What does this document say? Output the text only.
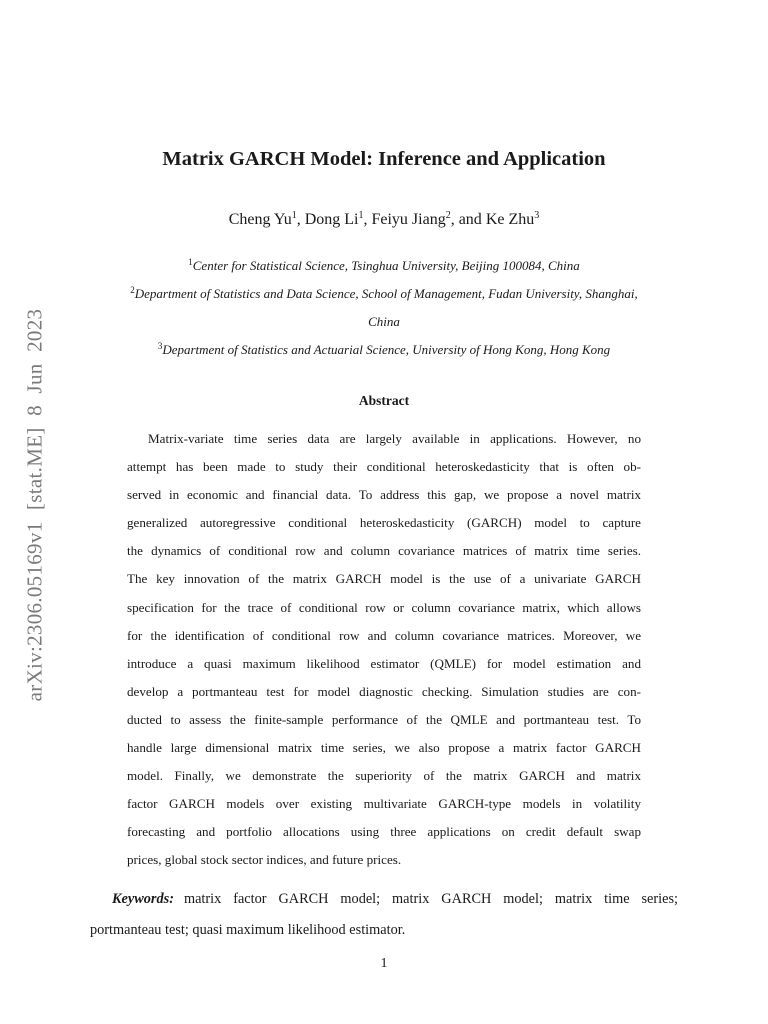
arXiv:2306.05169v1 [stat.ME] 8 Jun 2023
Matrix GARCH Model: Inference and Application
Cheng Yu$^1$, Dong Li$^1$, Feiyu Jiang$^2$, and Ke Zhu$^3$
$^1$Center for Statistical Science, Tsinghua University, Beijing 100084, China
$^2$Department of Statistics and Data Science, School of Management, Fudan University, Shanghai,
China
$^3$Department of Statistics and Actuarial Science, University of Hong Kong, Hong Kong
Abstract
Matrix-variate time series data are largely available in applications. However, no
attempt has been made to study their conditional heteroskedasticity that is often ob-
served in economic and financial data. To address this gap, we propose a novel matrix
generalized autoregressive conditional heteroskedasticity (GARCH) model to capture
the dynamics of conditional row and column covariance matrices of matrix time series.
The key innovation of the matrix GARCH model is the use of a univariate GARCH
specification for the trace of conditional row or column covariance matrix, which allows
for the identification of conditional row and column covariance matrices. Moreover, we
introduce a quasi maximum likelihood estimator (QMLE) for model estimation and
develop a portmanteau test for model diagnostic checking. Simulation studies are con-
ducted to assess the finite-sample performance of the QMLE and portmanteau test. To
handle large dimensional matrix time series, we also propose a matrix factor GARCH
model. Finally, we demonstrate the superiority of the matrix GARCH and matrix
factor GARCH models over existing multivariate GARCH-type models in volatility
forecasting and portfolio allocations using three applications on credit default swap
prices, global stock sector indices, and future prices.
Keywords: matrix factor GARCH model; matrix GARCH model; matrix time series;
portmanteau test; quasi maximum likelihood estimator.
1
